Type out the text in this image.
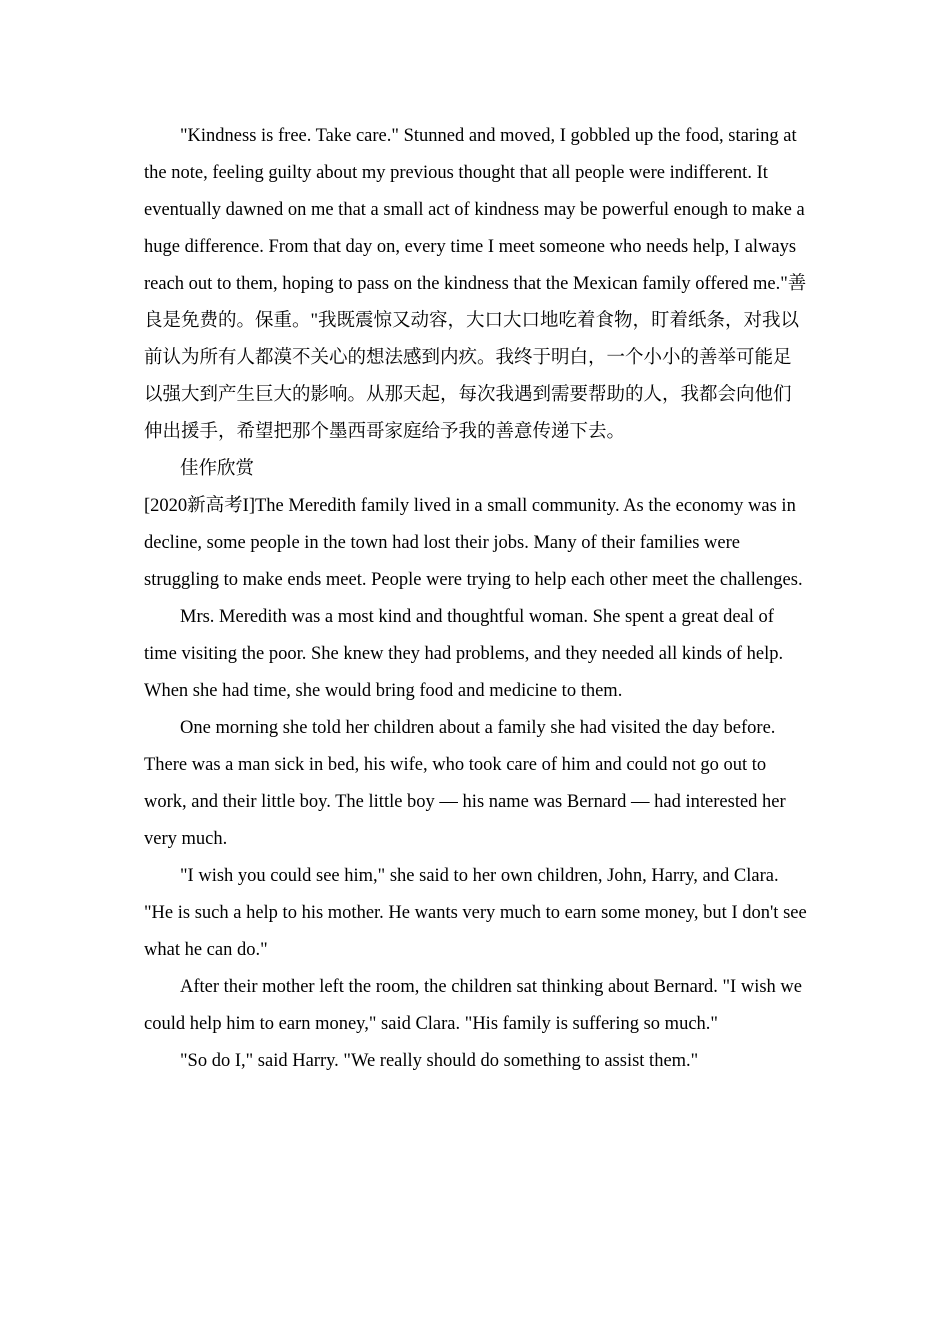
"Kindness is free. Take care." Stunned and moved, I gobbled up the food, staring at the note, feeling guilty about my previous thought that all people were indifferent. It eventually dawned on me that a small act of kindness may be powerful enough to make a huge difference. From that day on, every time I meet someone who needs help, I always reach out to them, hoping to pass on the kindness that the Mexican family offered me."善良是免费的。保重。"我既震惊又动容，大口大口地吃着食物，盯着纸条，对我以前认为所有人都漠不关心的想法感到内疚。我终于明白，一个小小的善举可能足以强大到产生巨大的影响。从那天起，每次我遇到需要帮助的人，我都会向他们伸出援手，希望把那个墨西哥家庭给予我的善意传递下去。

佳作欣赏

[2020新高考I]The Meredith family lived in a small community. As the economy was in decline, some people in the town had lost their jobs. Many of their families were struggling to make ends meet. People were trying to help each other meet the challenges.

Mrs. Meredith was a most kind and thoughtful woman. She spent a great deal of time visiting the poor. She knew they had problems, and they needed all kinds of help. When she had time, she would bring food and medicine to them.

One morning she told her children about a family she had visited the day before. There was a man sick in bed, his wife, who took care of him and could not go out to work, and their little boy. The little boy — his name was Bernard — had interested her very much.

"I wish you could see him," she said to her own children, John, Harry, and Clara. "He is such a help to his mother. He wants very much to earn some money, but I don't see what he can do."

After their mother left the room, the children sat thinking about Bernard. "I wish we could help him to earn money," said Clara. "His family is suffering so much."

"So do I," said Harry. "We really should do something to assist them."
